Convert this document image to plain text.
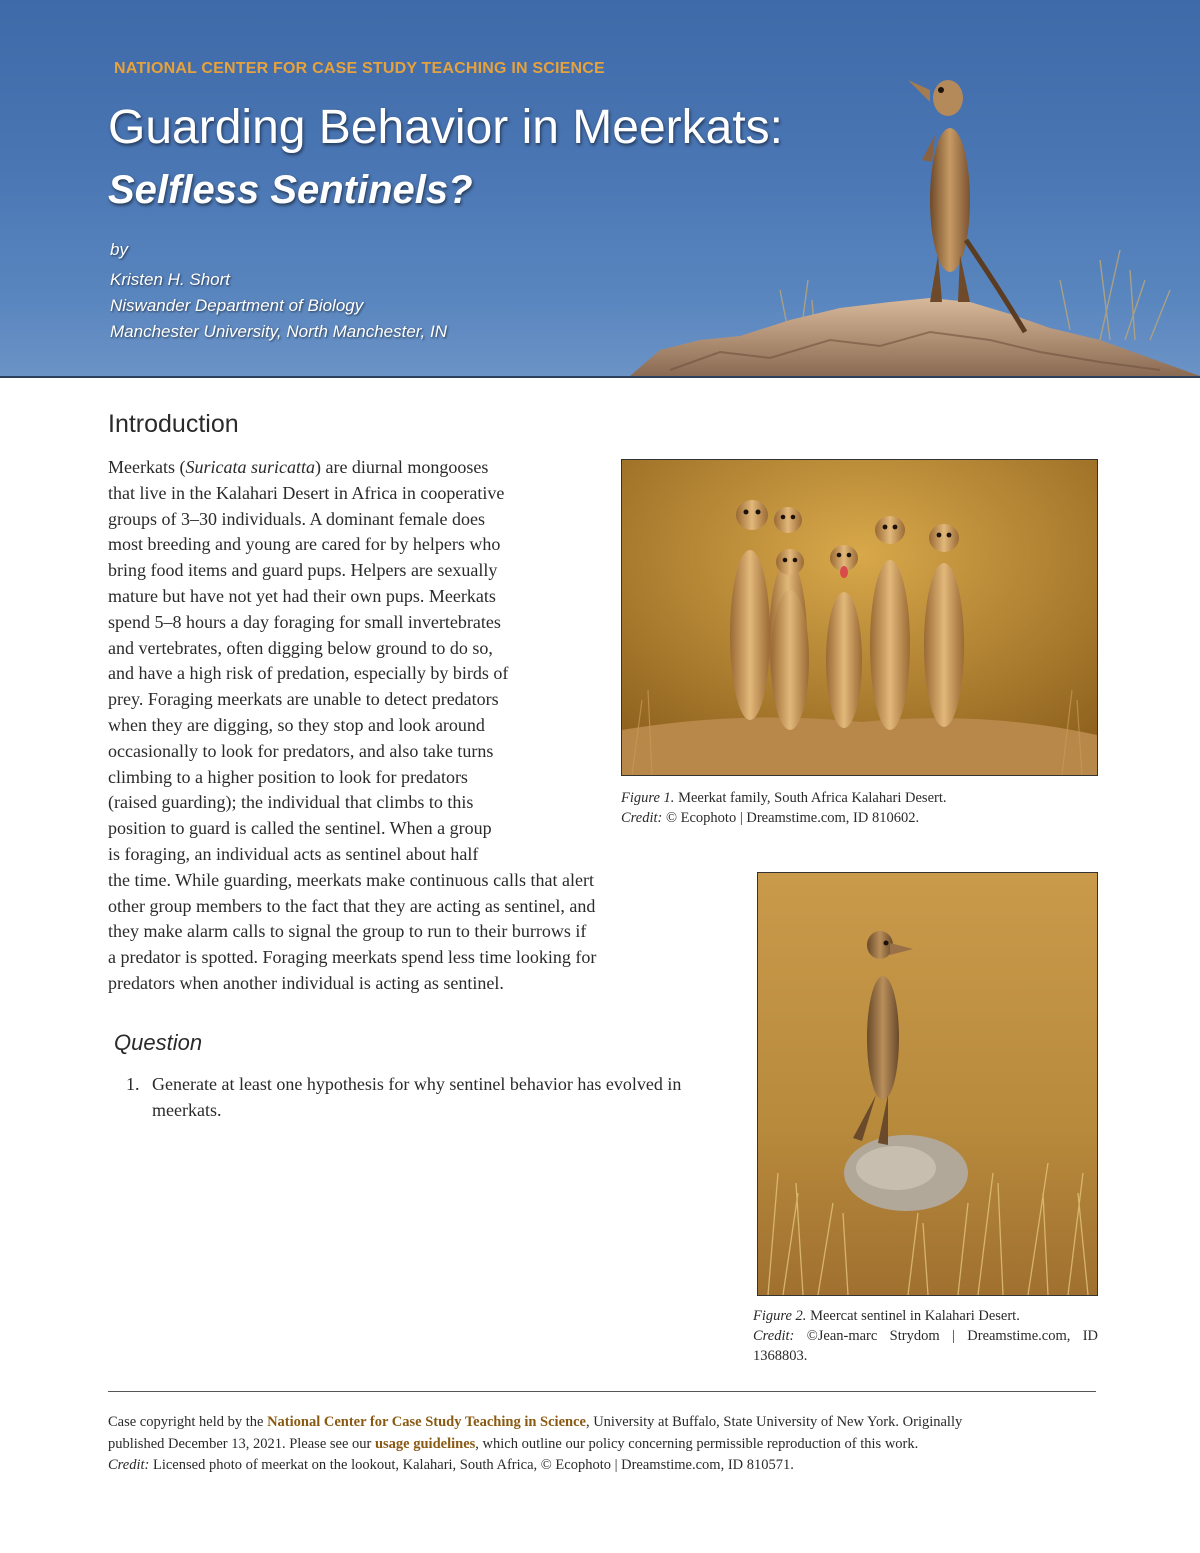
NATIONAL CENTER FOR CASE STUDY TEACHING IN SCIENCE
Guarding Behavior in Meerkats:
Selfless Sentinels?
by
Kristen H. Short
Niswander Department of Biology
Manchester University, North Manchester, IN
Introduction
Meerkats (Suricata suricatta) are diurnal mongooses
that live in the Kalahari Desert in Africa in cooperative
groups of 3–30 individuals. A dominant female does
most breeding and young are cared for by helpers who
bring food items and guard pups. Helpers are sexually
mature but have not yet had their own pups. Meerkats
spend 5–8 hours a day foraging for small invertebrates
and vertebrates, often digging below ground to do so,
and have a high risk of predation, especially by birds of
prey. Foraging meerkats are unable to detect predators
when they are digging, so they stop and look around
occasionally to look for predators, and also take turns
climbing to a higher position to look for predators
(raised guarding); the individual that climbs to this
position to guard is called the sentinel. When a group
is foraging, an individual acts as sentinel about half
the time. While guarding, meerkats make continuous calls that alert
other group members to the fact that they are acting as sentinel, and
they make alarm calls to signal the group to run to their burrows if
a predator is spotted. Foraging meerkats spend less time looking for
predators when another individual is acting as sentinel.
Question
1. Generate at least one hypothesis for why sentinel behavior has evolved in meerkats.
Figure 1. Meerkat family, South Africa Kalahari Desert.
Credit: © Ecophoto | Dreamstime.com, ID 810602.
Figure 2. Meercat sentinel in Kalahari Desert.
Credit: ©Jean-marc Strydom | Dreamstime.com, ID 1368803.
Case copyright held by the National Center for Case Study Teaching in Science, University at Buffalo, State University of New York. Originally
published December 13, 2021. Please see our usage guidelines, which outline our policy concerning permissible reproduction of this work.
Credit: Licensed photo of meerkat on the lookout, Kalahari, South Africa, © Ecophoto | Dreamstime.com, ID 810571.
